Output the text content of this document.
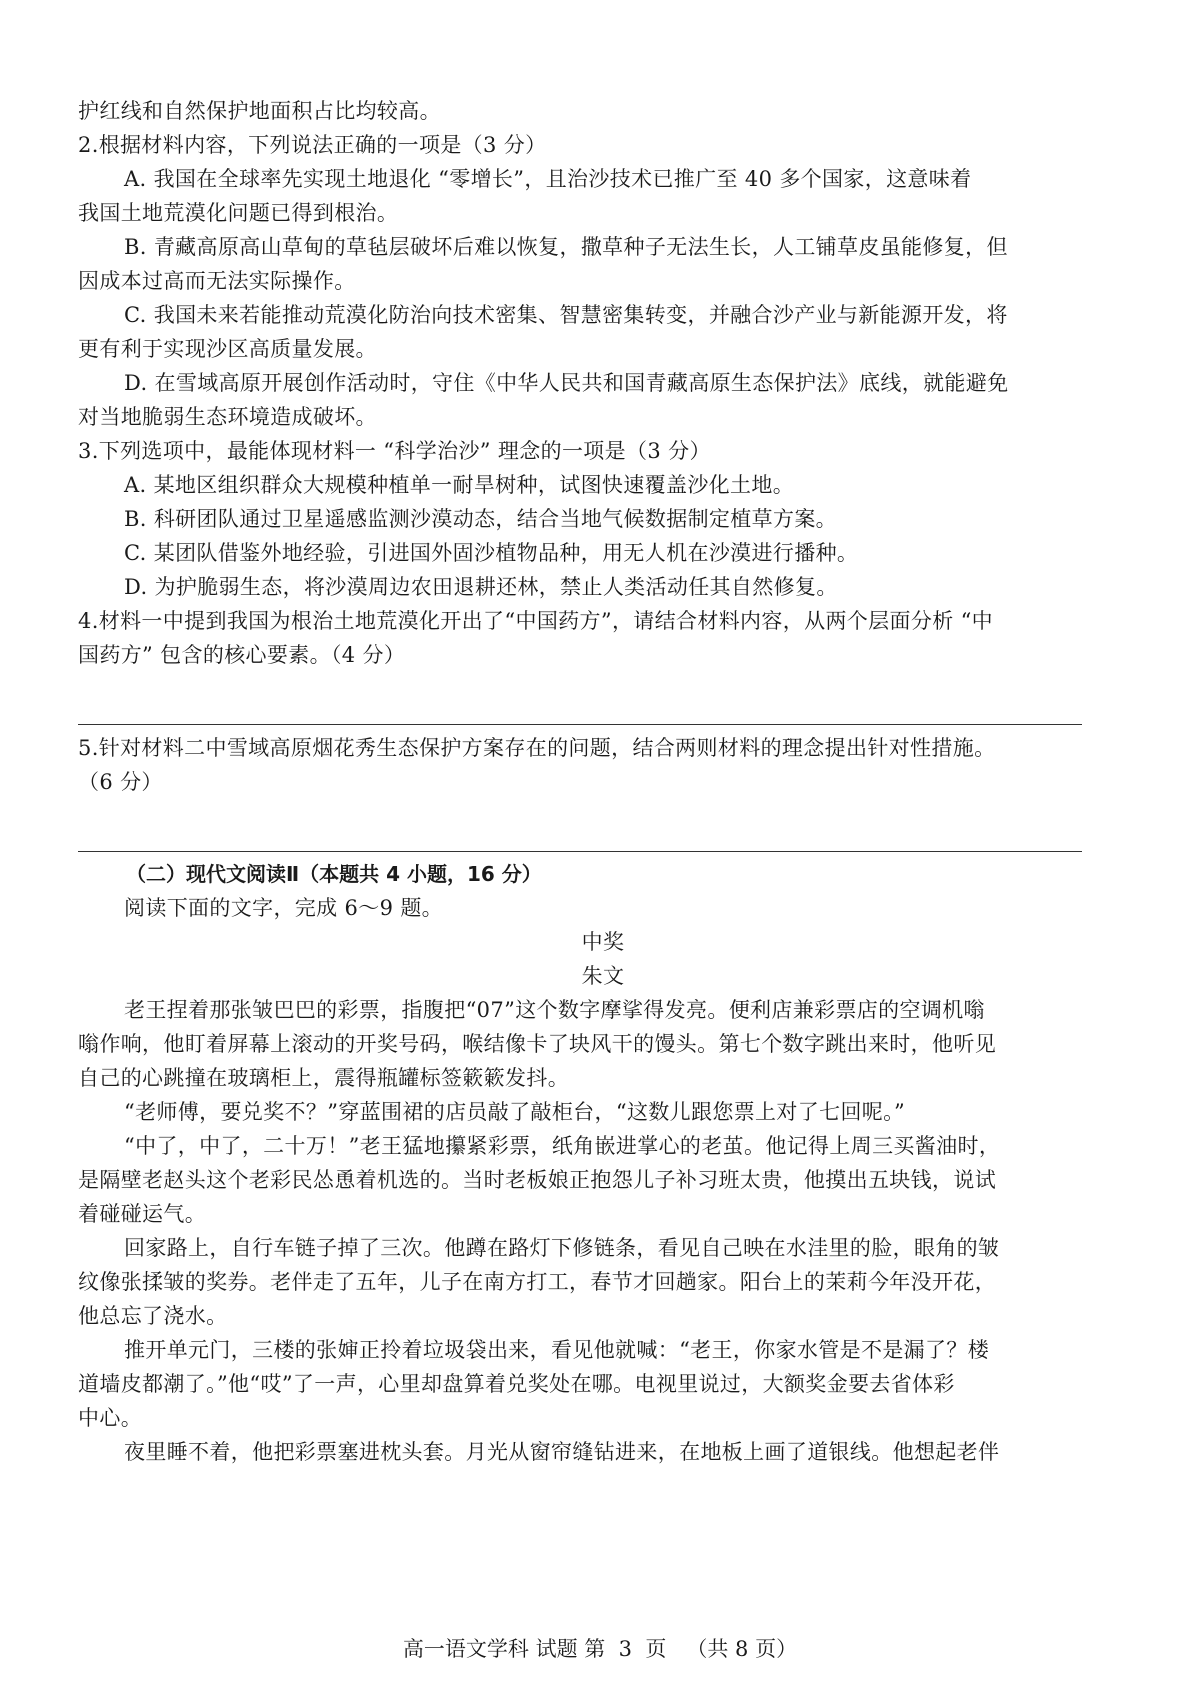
护红线和自然保护地面积占比均较高。
2.根据材料内容，下列说法正确的一项是（3 分）
A. 我国在全球率先实现土地退化 “零增长”，且治沙技术已推广至 40 多个国家，这意味着
我国土地荒漠化问题已得到根治。
B. 青藏高原高山草甸的草毡层破坏后难以恢复，撒草种子无法生长，人工铺草皮虽能修复，但
因成本过高而无法实际操作。
C. 我国未来若能推动荒漠化防治向技术密集、智慧密集转变，并融合沙产业与新能源开发，将
更有利于实现沙区高质量发展。
D. 在雪域高原开展创作活动时，守住《中华人民共和国青藏高原生态保护法》底线，就能避免
对当地脆弱生态环境造成破坏。
3.下列选项中，最能体现材料一 “科学治沙” 理念的一项是（3 分）
A. 某地区组织群众大规模种植单一耐旱树种，试图快速覆盖沙化土地。
B. 科研团队通过卫星遥感监测沙漠动态，结合当地气候数据制定植草方案。
C. 某团队借鉴外地经验，引进国外固沙植物品种，用无人机在沙漠进行播种。
D. 为护脆弱生态，将沙漠周边农田退耕还林，禁止人类活动任其自然修复。
4.材料一中提到我国为根治土地荒漠化开出了“中国药方”，请结合材料内容，从两个层面分析 “中
国药方” 包含的核心要素。（4 分）
5.针对材料二中雪域高原烟花秀生态保护方案存在的问题，结合两则材料的理念提出针对性措施。
（6 分）
（二）现代文阅读Ⅱ（本题共 4 小题，16 分）
阅读下面的文字，完成 6～9 题。
中奖
朱文
老王捏着那张皱巴巴的彩票，指腹把“07”这个数字摩挲得发亮。便利店兼彩票店的空调机嗡
嗡作响，他盯着屏幕上滚动的开奖号码，喉结像卡了块风干的馒头。第七个数字跳出来时，他听见
自己的心跳撞在玻璃柜上，震得瓶罐标签簌簌发抖。
“老师傅，要兑奖不？”穿蓝围裙的店员敲了敲柜台，“这数儿跟您票上对了七回呢。”
“中了，中了，二十万！”老王猛地攥紧彩票，纸角嵌进掌心的老茧。他记得上周三买酱油时，
是隔壁老赵头这个老彩民怂恿着机选的。当时老板娘正抱怨儿子补习班太贵，他摸出五块钱，说试
着碰碰运气。
回家路上，自行车链子掉了三次。他蹲在路灯下修链条，看见自己映在水洼里的脸，眼角的皱
纹像张揉皱的奖券。老伴走了五年，儿子在南方打工，春节才回趟家。阳台上的茉莉今年没开花，
他总忘了浇水。
推开单元门，三楼的张婶正拎着垃圾袋出来，看见他就喊：“老王，你家水管是不是漏了？楼
道墙皮都潮了。”他“哎”了一声，心里却盘算着兑奖处在哪。电视里说过，大额奖金要去省体彩
中心。
夜里睡不着，他把彩票塞进枕头套。月光从窗帘缝钻进来，在地板上画了道银线。他想起老伴
高一语文学科 试题 第  3  页   （共 8 页）
